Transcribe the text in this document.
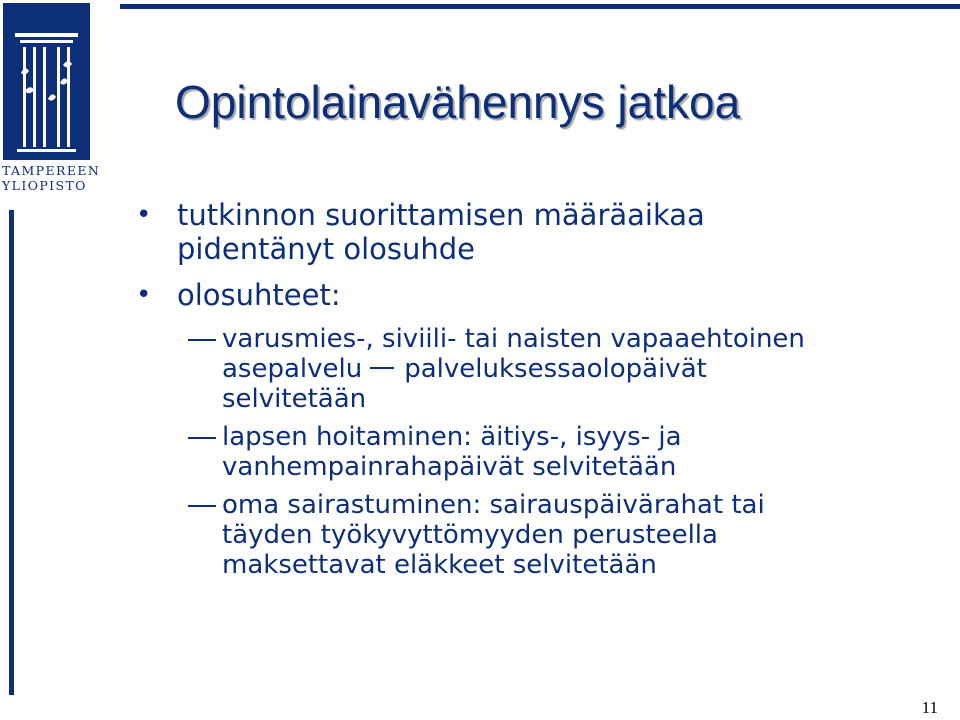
TAMPEREEN
YLIOPISTO
Opintolainavähennys jatkoa
• tutkinnon suorittamisen määräaikaa
pidentänyt olosuhde
• olosuhteet:
varusmies-, siviili- tai naisten vapaaehtoinen
asepalvelu palveluksessaolopäivät
selvitetään
lapsen hoitaminen: äitiys-, isyys- ja
vanhempainrahapäivät selvitetään
oma sairastuminen: sairauspäivärahat tai
täyden työkyvyttömyyden perusteella
maksettavat eläkkeet selvitetään
11
